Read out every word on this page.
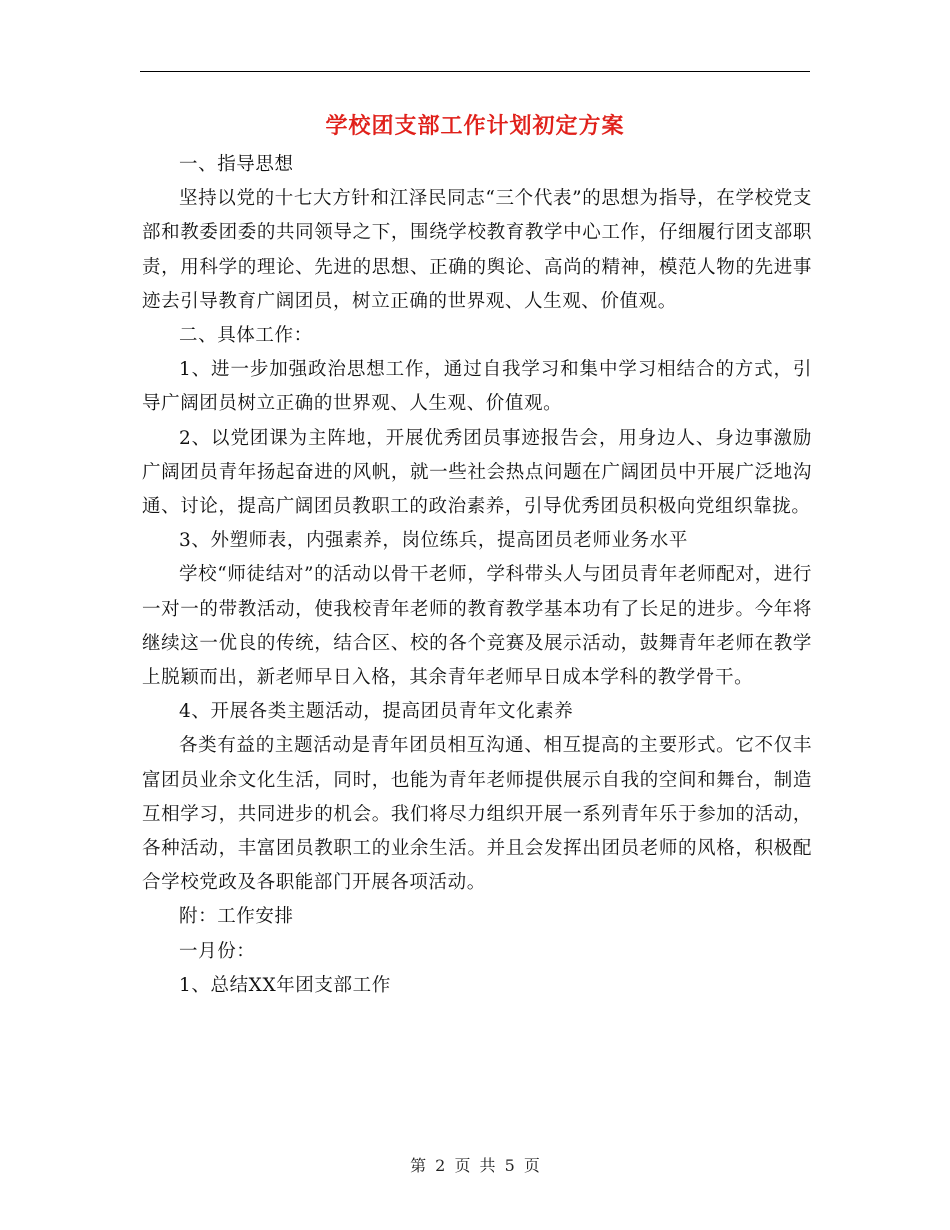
学校团支部工作计划初定方案

一、指导思想

坚持以党的十七大方针和江泽民同志“三个代表”的思想为指导，在学校党支部和教委团委的共同领导之下，围绕学校教育教学中心工作，仔细履行团支部职责，用科学的理论、先进的思想、正确的舆论、高尚的精神，模范人物的先进事迹去引导教育广阔团员，树立正确的世界观、人生观、价值观。

二、具体工作：

1、进一步加强政治思想工作，通过自我学习和集中学习相结合的方式，引导广阔团员树立正确的世界观、人生观、价值观。

2、以党团课为主阵地，开展优秀团员事迹报告会，用身边人、身边事激励广阔团员青年扬起奋进的风帆，就一些社会热点问题在广阔团员中开展广泛地沟通、讨论，提高广阔团员教职工的政治素养，引导优秀团员积极向党组织靠拢。

3、外塑师表，内强素养，岗位练兵，提高团员老师业务水平

学校“师徒结对”的活动以骨干老师，学科带头人与团员青年老师配对，进行一对一的带教活动，使我校青年老师的教育教学基本功有了长足的进步。今年将继续这一优良的传统，结合区、校的各个竞赛及展示活动，鼓舞青年老师在教学上脱颖而出，新老师早日入格，其余青年老师早日成本学科的教学骨干。

4、开展各类主题活动，提高团员青年文化素养

各类有益的主题活动是青年团员相互沟通、相互提高的主要形式。它不仅丰富团员业余文化生活，同时，也能为青年老师提供展示自我的空间和舞台，制造互相学习，共同进步的机会。我们将尽力组织开展一系列青年乐于参加的活动，各种活动，丰富团员教职工的业余生活。并且会发挥出团员老师的风格，积极配合学校党政及各职能部门开展各项活动。

附：工作安排

一月份：

1、总结XX年团支部工作

第 2 页 共 5 页
